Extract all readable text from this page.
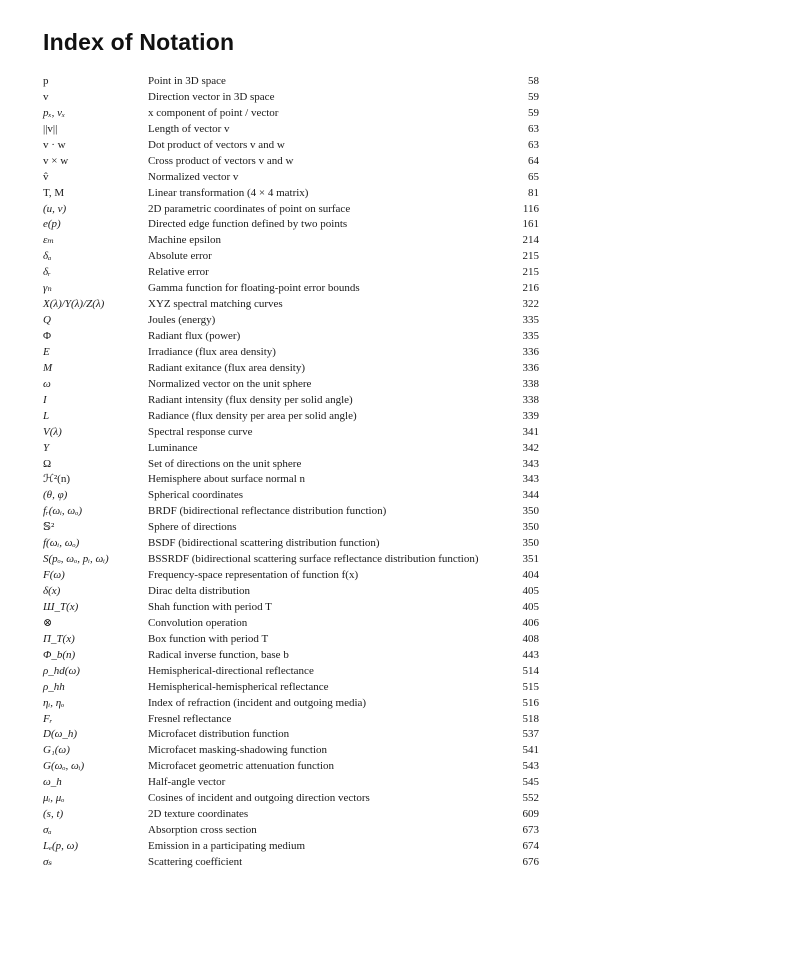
Index of Notation
p	Point in 3D space	58
v	Direction vector in 3D space	59
pₓ, vₓ	x component of point / vector	59
||v||	Length of vector v	63
v · w	Dot product of vectors v and w	63
v × w	Cross product of vectors v and w	64
v̂	Normalized vector v	65
T, M	Linear transformation (4 × 4 matrix)	81
(u, v)	2D parametric coordinates of point on surface	116
e(p)	Directed edge function defined by two points	161
εₘ	Machine epsilon	214
δₐ	Absolute error	215
δᵣ	Relative error	215
γₙ	Gamma function for floating-point error bounds	216
X(λ)/Y(λ)/Z(λ)	XYZ spectral matching curves	322
Q	Joules (energy)	335
Φ	Radiant flux (power)	335
E	Irradiance (flux area density)	336
M	Radiant exitance (flux area density)	336
ω	Normalized vector on the unit sphere	338
I	Radiant intensity (flux density per solid angle)	338
L	Radiance (flux density per area per solid angle)	339
V(λ)	Spectral response curve	341
Y	Luminance	342
Ω	Set of directions on the unit sphere	343
ℋ²(n)	Hemisphere about surface normal n	343
(θ, φ)	Spherical coordinates	344
fᵣ(ωᵢ, ωₒ)	BRDF (bidirectional reflectance distribution function)	350
𝕊²	Sphere of directions	350
f(ωᵢ, ωₒ)	BSDF (bidirectional scattering distribution function)	350
S(pₒ, ωₒ, pᵢ, ωᵢ)	BSSRDF (bidirectional scattering surface reflectance distribution function)	351
F(ω)	Frequency-space representation of function f(x)	404
δ(x)	Dirac delta distribution	405
Ш_T(x)	Shah function with period T	405
⊗	Convolution operation	406
Π_T(x)	Box function with period T	408
Φ_b(n)	Radical inverse function, base b	443
ρ_hd(ω)	Hemispherical-directional reflectance	514
ρ_hh	Hemispherical-hemispherical reflectance	515
ηᵢ, ηₒ	Index of refraction (incident and outgoing media)	516
Fᵣ	Fresnel reflectance	518
D(ω_h)	Microfacet distribution function	537
G₁(ω)	Microfacet masking-shadowing function	541
G(ωₒ, ωᵢ)	Microfacet geometric attenuation function	543
ω_h	Half-angle vector	545
μᵢ, μₒ	Cosines of incident and outgoing direction vectors	552
(s, t)	2D texture coordinates	609
σₐ	Absorption cross section	673
Lₑ(p, ω)	Emission in a participating medium	674
σₛ	Scattering coefficient	676
